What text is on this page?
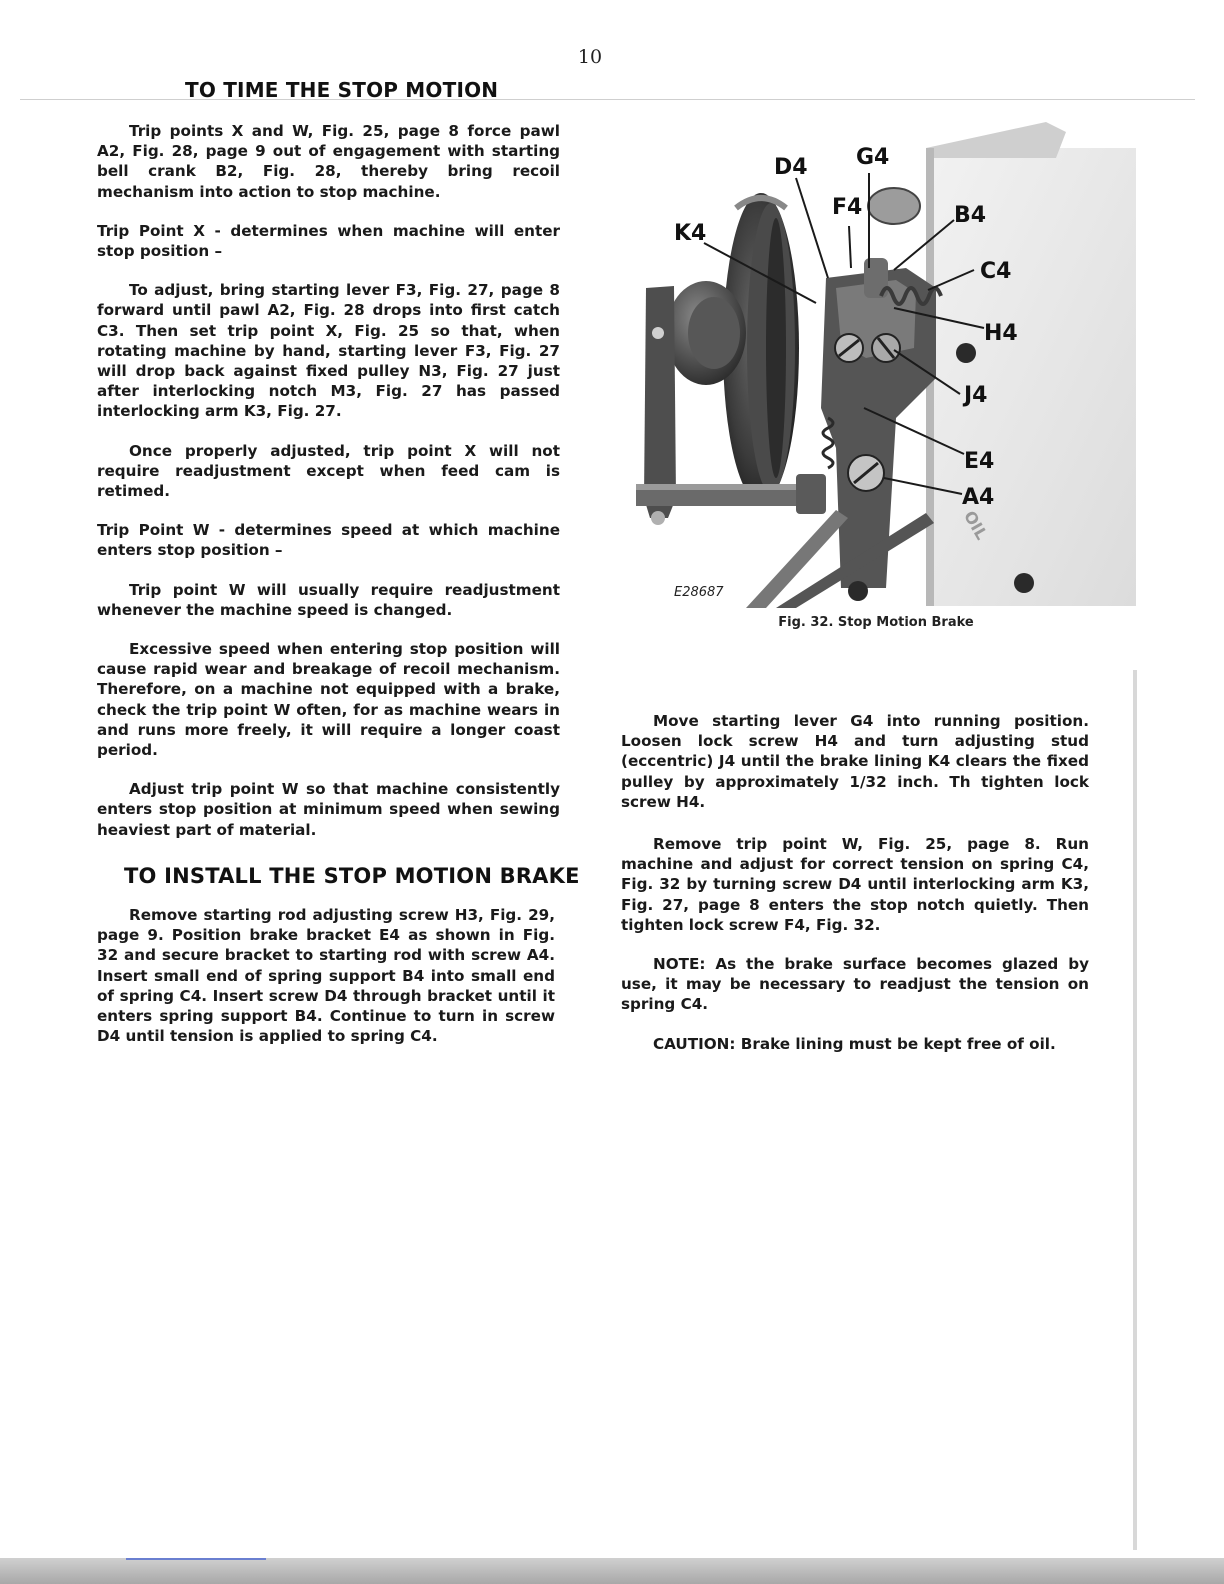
10
TO TIME THE STOP MOTION

Trip points X and W, Fig. 25, page 8 force pawl A2, Fig. 28, page 9 out of engagement with starting bell crank B2, Fig. 28, thereby bring recoil mechanism into action to stop machine.

Trip Point X - determines when machine will enter stop position –

To adjust, bring starting lever F3, Fig. 27, page 8 forward until pawl A2, Fig. 28 drops into first catch C3. Then set trip point X, Fig. 25 so that, when rotating machine by hand, starting lever F3, Fig. 27 will drop back against fixed pulley N3, Fig. 27 just after interlocking notch M3, Fig. 27 has passed interlocking arm K3, Fig. 27.

Once properly adjusted, trip point X will not require readjustment except when feed cam is retimed.

Trip Point W - determines speed at which machine enters stop position –

Trip point W will usually require readjustment whenever the machine speed is changed.

Excessive speed when entering stop position will cause rapid wear and breakage of recoil mechanism. Therefore, on a machine not equipped with a brake, check the trip point W often, for as machine wears in and runs more freely, it will require a longer coast period.

Adjust trip point W so that machine consistently enters stop position at minimum speed when sewing heaviest part of material.

TO INSTALL THE STOP MOTION BRAKE

Remove starting rod adjusting screw H3, Fig. 29, page 9. Position brake bracket E4 as shown in Fig. 32 and secure bracket to starting rod with screw A4. Insert small end of spring support B4 into small end of spring C4. Insert screw D4 through bracket until it enters spring support B4. Continue to turn in screw D4 until tension is applied to spring C4.

OIL
D4 G4
F4
K4
B4
C4
H4
J4
E4
A4
E28687
Fig. 32. Stop Motion Brake

Move starting lever G4 into running position. Loosen lock screw H4 and turn adjusting stud (eccentric) J4 until the brake lining K4 clears the fixed pulley by approximately 1/32 inch. Th tighten lock screw H4.

Remove trip point W, Fig. 25, page 8. Run machine and adjust for correct tension on spring C4, Fig. 32 by turning screw D4 until interlocking arm K3, Fig. 27, page 8 enters the stop notch quietly. Then tighten lock screw F4, Fig. 32.

NOTE: As the brake surface becomes glazed by use, it may be necessary to readjust the tension on spring C4.

CAUTION: Brake lining must be kept free of oil.
